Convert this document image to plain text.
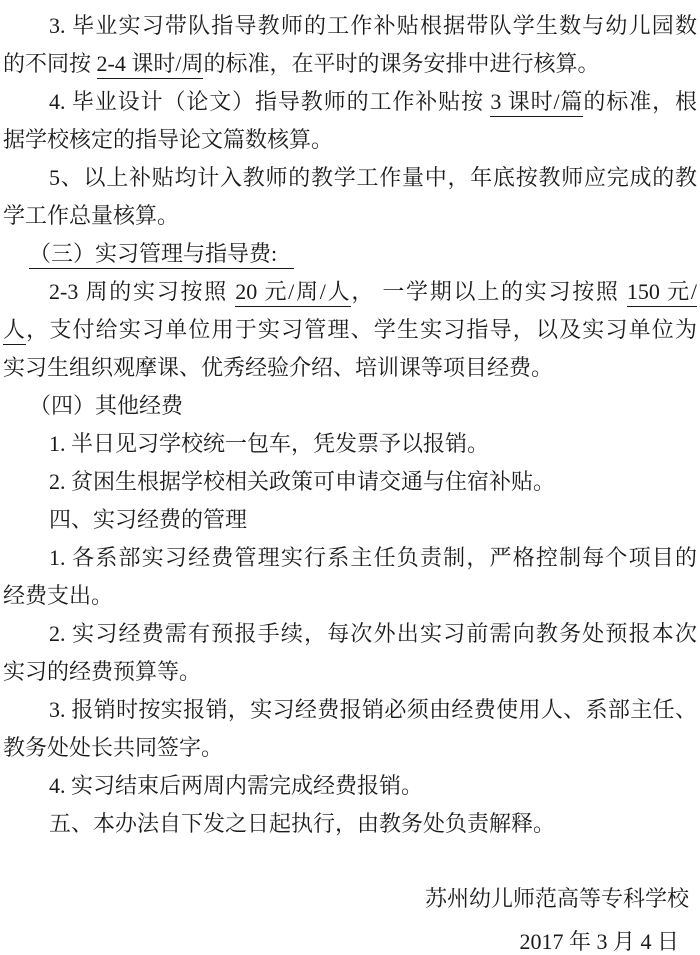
3. 毕业实习带队指导教师的工作补贴根据带队学生数与幼儿园数
的不同按 2-4 课时/周的标准，在平时的课务安排中进行核算。
4. 毕业设计（论文）指导教师的工作补贴按 3 课时/篇的标准，根
据学校核定的指导论文篇数核算。
5、以上补贴均计入教师的教学工作量中，年底按教师应完成的教
学工作总量核算。
（三）实习管理与指导费:
2-3 周的实习按照 20 元/周/人， 一学期以上的实习按照 150 元/
人，支付给实习单位用于实习管理、学生实习指导，以及实习单位为
实习生组织观摩课、优秀经验介绍、培训课等项目经费。
（四）其他经费
1. 半日见习学校统一包车，凭发票予以报销。
2. 贫困生根据学校相关政策可申请交通与住宿补贴。
四、实习经费的管理
1. 各系部实习经费管理实行系主任负责制，严格控制每个项目的
经费支出。
2. 实习经费需有预报手续，每次外出实习前需向教务处预报本次
实习的经费预算等。
3. 报销时按实报销，实习经费报销必须由经费使用人、系部主任、
教务处处长共同签字。
4. 实习结束后两周内需完成经费报销。
五、本办法自下发之日起执行，由教务处负责解释。
苏州幼儿师范高等专科学校
2017 年 3 月 4 日
